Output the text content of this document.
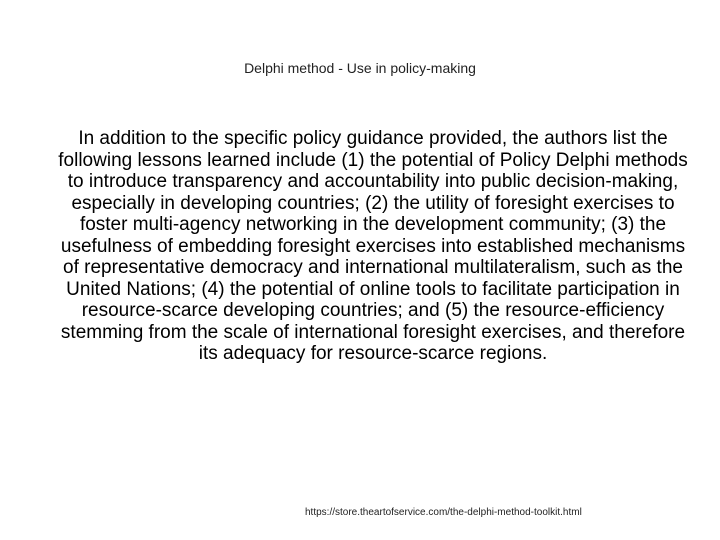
Delphi method - Use in policy-making
In addition to the specific policy guidance provided, the authors list the following lessons learned include (1) the potential of Policy Delphi methods to introduce transparency and accountability into public decision-making, especially in developing countries; (2) the utility of foresight exercises to foster multi-agency networking in the development community; (3) the usefulness of embedding foresight exercises into established mechanisms of representative democracy and international multilateralism, such as the United Nations; (4) the potential of online tools to facilitate participation in resource-scarce developing countries; and (5) the resource-efficiency stemming from the scale of international foresight exercises, and therefore its adequacy for resource-scarce regions.
https://store.theartofservice.com/the-delphi-method-toolkit.html
